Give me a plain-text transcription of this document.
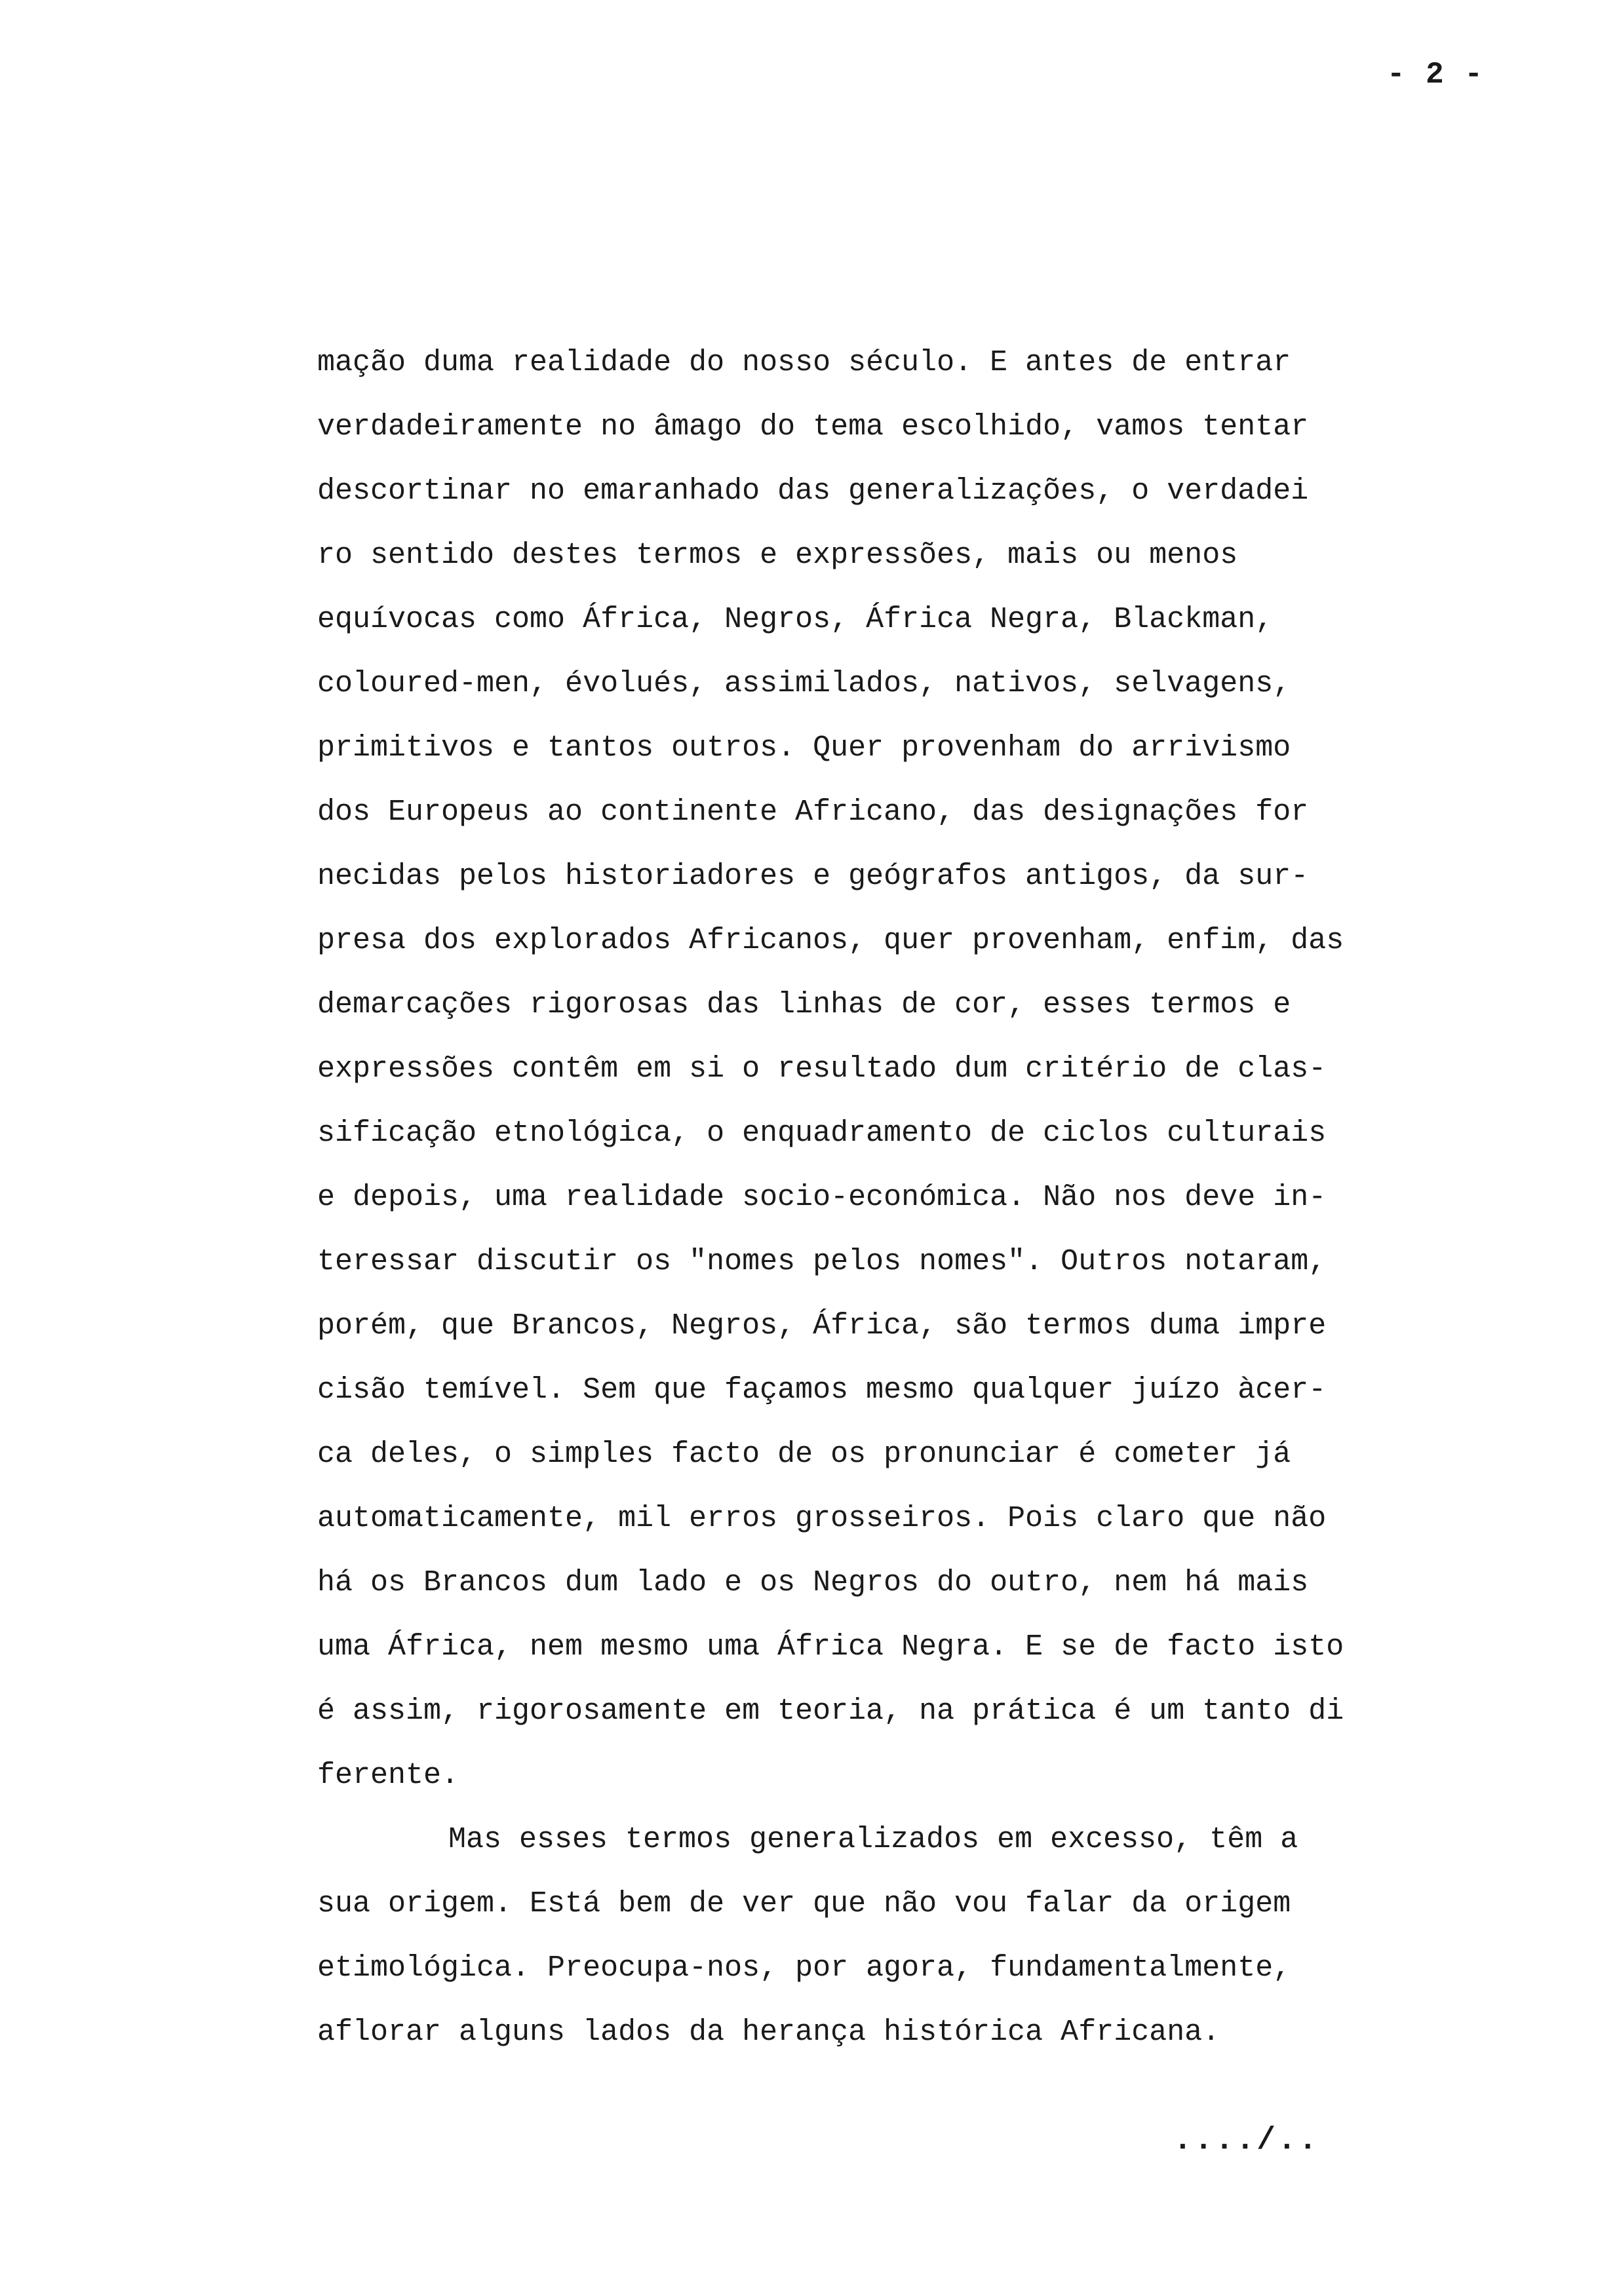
- 2 -
mação duma realidade do nosso século. E antes de entrar
verdadeiramente no âmago do tema escolhido, vamos tentar
descortinar no emaranhado das generalizações, o verdadei
ro sentido destes termos e expressões, mais ou menos
equívocas como África, Negros, África Negra, Blackman,
coloured-men, évolués, assimilados, nativos, selvagens,
primitivos e tantos outros. Quer provenham do arrivismo
dos Europeus ao continente Africano, das designações for
necidas pelos historiadores e geógrafos antigos, da sur-
presa dos explorados Africanos, quer provenham, enfim, das
demarcações rigorosas das linhas de cor, esses termos e
expressões contêm em si o resultado dum critério de clas-
sificação etnológica, o enquadramento de ciclos culturais
e depois, uma realidade socio-económica. Não nos deve in-
teressar discutir os "nomes pelos nomes". Outros notaram,
porém, que Brancos, Negros, África, são termos duma impre
cisão temível. Sem que façamos mesmo qualquer juízo àcer-
ca deles, o simples facto de os pronunciar é cometer já
automaticamente, mil erros grosseiros. Pois claro que não
há os Brancos dum lado e os Negros do outro, nem há mais
uma África, nem mesmo uma África Negra. E se de facto isto
é assim, rigorosamente em teoria, na prática é um tanto di
ferente.
Mas esses termos generalizados em excesso, têm a
sua origem. Está bem de ver que não vou falar da origem
etimológica. Preocupa-nos, por agora, fundamentalmente,
aflorar alguns lados da herança histórica Africana.
..../..
